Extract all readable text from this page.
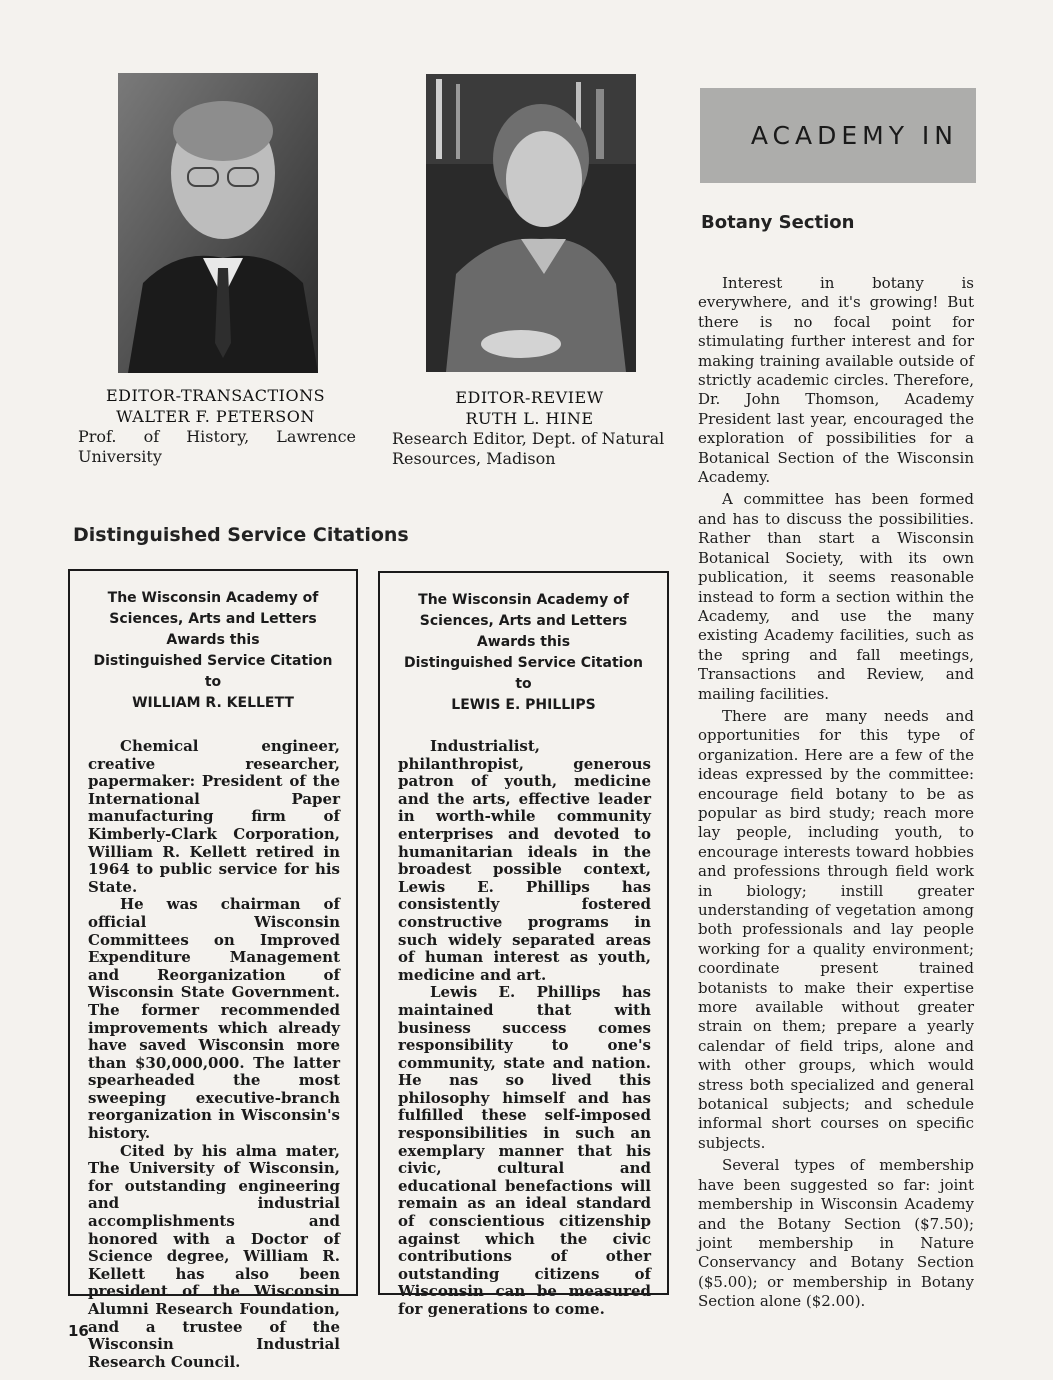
EDITOR-TRANSACTIONS
WALTER F. PETERSON
Prof. of History, Lawrence University
EDITOR-REVIEW
RUTH L. HINE
Research Editor, Dept. of Natural Resources, Madison
Distinguished Service Citations
The Wisconsin Academy of
Sciences, Arts and Letters
Awards this
Distinguished Service Citation
to
WILLIAM R. KELLETT

Chemical engineer, creative researcher, papermaker: President of the International Paper manufacturing firm of Kimberly-Clark Corporation, William R. Kellett retired in 1964 to public service for his State.

He was chairman of official Wisconsin Committees on Improved Expenditure Management and Reorganization of Wisconsin State Government. The former recommended improvements which already have saved Wisconsin more than $30,000,000. The latter spearheaded the most sweeping executive-branch reorganization in Wisconsin's history.

Cited by his alma mater, The University of Wisconsin, for outstanding engineering and industrial accomplishments and honored with a Doctor of Science degree, William R. Kellett has also been president of the Wisconsin Alumni Research Foundation, and a trustee of the Wisconsin Industrial Research Council.

The Wisconsin Academy of
Sciences, Arts and Letters
Awards this
Distinguished Service Citation
to
LEWIS E. PHILLIPS

Industrialist, philanthropist, generous patron of youth, medicine and the arts, effective leader in worth-while community enterprises and devoted to humanitarian ideals in the broadest possible context, Lewis E. Phillips has consistently fostered constructive programs in such widely separated areas of human interest as youth, medicine and art.

Lewis E. Phillips has maintained that with business success comes responsibility to one's community, state and nation. He nas so lived this philosophy himself and has fulfilled these self-imposed responsibilities in such an exemplary manner that his civic, cultural and educational benefactions will remain as an ideal standard of conscientious citizenship against which the civic contributions of other outstanding citizens of Wisconsin can be measured for generations to come.

ACADEMY IN
Botany Section

Interest in botany is everywhere, and it's growing! But there is no focal point for stimulating further interest and for making training available outside of strictly academic circles. Therefore, Dr. John Thomson, Academy President last year, encouraged the exploration of possibilities for a Botanical Section of the Wisconsin Academy.

A committee has been formed and has to discuss the possibilities. Rather than start a Wisconsin Botanical Society, with its own publication, it seems reasonable instead to form a section within the Academy, and use the many existing Academy facilities, such as the spring and fall meetings, Transactions and Review, and mailing facilities.

There are many needs and opportunities for this type of organization. Here are a few of the ideas expressed by the committee: encourage field botany to be as popular as bird study; reach more lay people, including youth, to encourage interests toward hobbies and professions through field work in biology; instill greater understanding of vegetation among both professionals and lay people working for a quality environment; coordinate present trained botanists to make their expertise more available without greater strain on them; prepare a yearly calendar of field trips, alone and with other groups, which would stress both specialized and general botanical subjects; and schedule informal short courses on specific subjects.

Several types of membership have been suggested so far: joint membership in Wisconsin Academy and the Botany Section ($7.50); joint membership in Nature Conservancy and Botany Section ($5.00); or membership in Botany Section alone ($2.00).

16
